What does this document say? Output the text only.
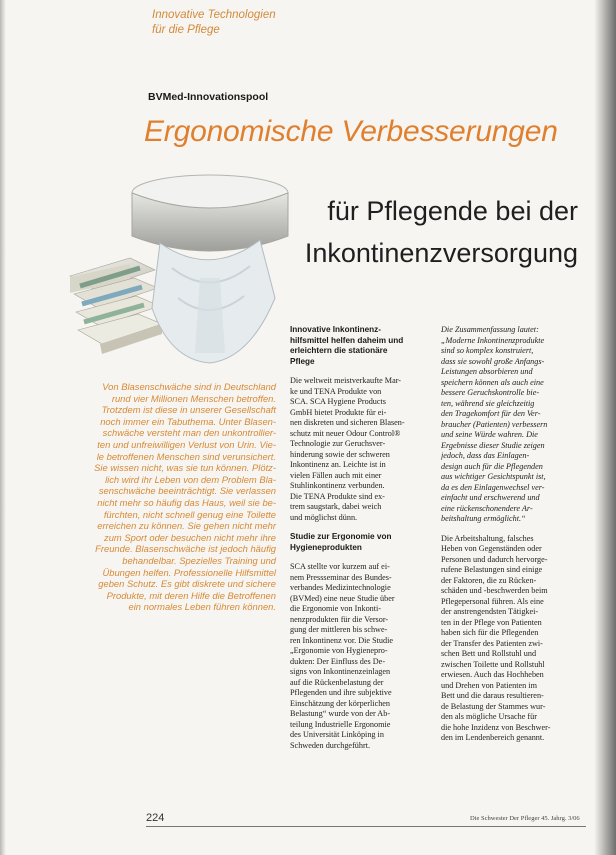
Innovative Technologien
für die Pflege
BVMed-Innovationspool
Ergonomische Verbesserungen
für Pflegende bei der
Inkontinenzversorgung
Von Blasenschwäche sind in Deutschland
rund vier Millionen Menschen betroffen.
Trotzdem ist diese in unserer Gesellschaft
noch immer ein Tabuthema. Unter Blasen-
schwäche versteht man den unkontrollier-
ten und unfreiwilligen Verlust von Urin. Vie-
le betroffenen Menschen sind verunsichert.
Sie wissen nicht, was sie tun können. Plötz-
lich wird ihr Leben von dem Problem Bla-
senschwäche beeinträchtigt. Sie verlassen
nicht mehr so häufig das Haus, weil sie be-
fürchten, nicht schnell genug eine Toilette
erreichen zu können. Sie gehen nicht mehr
zum Sport oder besuchen nicht mehr ihre
Freunde. Blasenschwäche ist jedoch häufig
behandelbar. Spezielles Training und
Übungen helfen. Professionelle Hilfsmittel
geben Schutz. Es gibt diskrete und sichere
Produkte, mit deren Hilfe die Betroffenen
ein normales Leben führen können.
Innovative Inkontinenz-
hilfsmittel helfen daheim und
erleichtern die stationäre
Pflege
Die weltweit meistverkaufte Mar-
ke und TENA Produkte von
SCA. SCA Hygiene Products
GmbH bietet Produkte für ei-
nen diskreten und sicheren Blasen-
schutz mit neuer Odour Control®
Technologie zur Geruchsver-
hinderung sowie der schweren
Inkontinenz an. Leichte ist in
vielen Fällen auch mit einer
Stuhlinkontinenz verbunden.
Die TENA Produkte sind ex-
trem saugstark, dabei weich
und möglichst dünn.
Studie zur Ergonomie von
Hygieneprodukten
SCA stellte vor kurzem auf ei-
nem Pressseminar des Bundes-
verbandes Medizintechnologie
(BVMed) eine neue Studie über
die Ergonomie von Inkonti-
nenzprodukten für die Versor-
gung der mittleren bis schwe-
ren Inkontinenz vor. Die Studie
„Ergonomie von Hygienepro-
dukten: Der Einfluss des De-
signs von Inkontinenzeinlagen
auf die Rückenbelastung der
Pflegenden und ihre subjektive
Einschätzung der körperlichen
Belastung“ wurde von der Ab-
teilung Industrielle Ergonomie
des Universität Linköping in
Schweden durchgeführt.
Die Zusammenfassung lautet:
„Moderne Inkontinenzprodukte
sind so komplex konstruiert,
dass sie sowohl große Anfangs-
Leistungen absorbieren und
speichern können als auch eine
bessere Geruchskontrolle bie-
ten, während sie gleichzeitig
den Tragekomfort für den Ver-
braucher (Patienten) verbessern
und seine Würde wahren. Die
Ergebnisse dieser Studie zeigen
jedoch, dass das Einlagen-
design auch für die Pflegenden
aus wichtiger Gesichtspunkt ist,
da es den Einlagenwechsel ver-
einfacht und erschwerend und
eine rückenschonendere Ar-
beitshaltung ermöglicht.“
Die Arbeitshaltung, falsches
Heben von Gegenständen oder
Personen und dadurch hervorge-
rufene Belastungen sind einige
der Faktoren, die zu Rücken-
schäden und -beschwerden beim
Pflegepersonal führen. Als eine
der anstrengendsten Tätigkei-
ten in der Pflege von Patienten
haben sich für die Pflegenden
der Transfer des Patienten zwi-
schen Bett und Rollstuhl und
zwischen Toilette und Rollstuhl
erwiesen. Auch das Hochheben
und Drehen von Patienten im
Bett und die daraus resultieren-
de Belastung der Stammes wur-
den als mögliche Ursache für
die hohe Inzidenz von Beschwer-
den im Lendenbereich genannt.
224	Die Schwester Der Pfleger 45. Jahrg. 3/06
